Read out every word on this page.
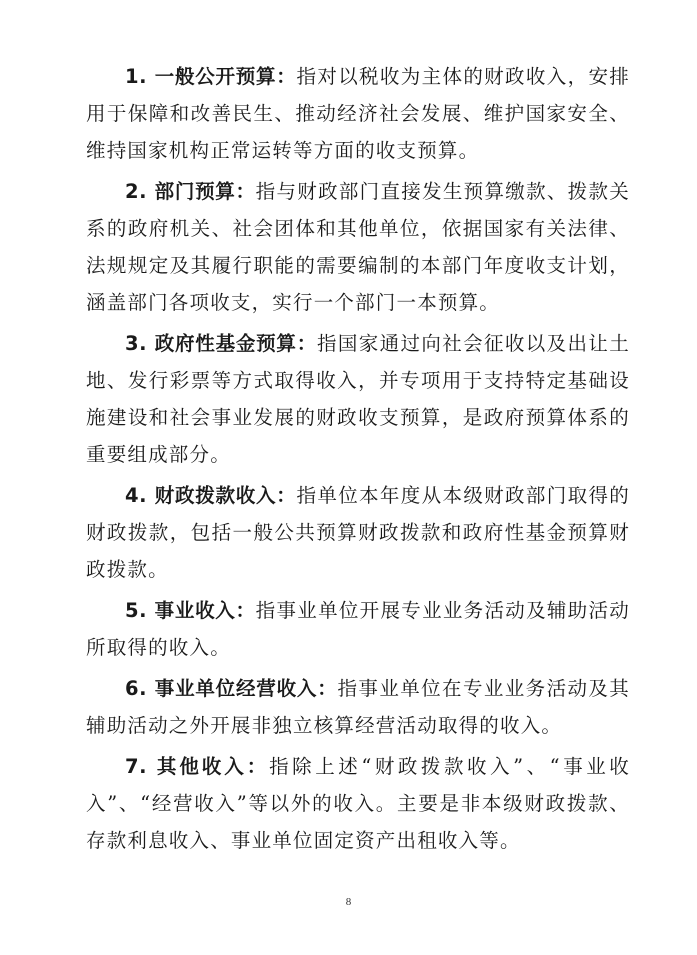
1. 一般公开预算：指对以税收为主体的财政收入，安排用于保障和改善民生、推动经济社会发展、维护国家安全、维持国家机构正常运转等方面的收支预算。

2. 部门预算：指与财政部门直接发生预算缴款、拨款关系的政府机关、社会团体和其他单位，依据国家有关法律、法规规定及其履行职能的需要编制的本部门年度收支计划，涵盖部门各项收支，实行一个部门一本预算。

3. 政府性基金预算：指国家通过向社会征收以及出让土地、发行彩票等方式取得收入，并专项用于支持特定基础设施建设和社会事业发展的财政收支预算，是政府预算体系的重要组成部分。

4. 财政拨款收入：指单位本年度从本级财政部门取得的财政拨款，包括一般公共预算财政拨款和政府性基金预算财政拨款。

5. 事业收入：指事业单位开展专业业务活动及辅助活动所取得的收入。

6. 事业单位经营收入：指事业单位在专业业务活动及其辅助活动之外开展非独立核算经营活动取得的收入。

7. 其他收入：指除上述“财政拨款收入”、“事业收入”、“经营收入”等以外的收入。主要是非本级财政拨款、存款利息收入、事业单位固定资产出租收入等。

8
